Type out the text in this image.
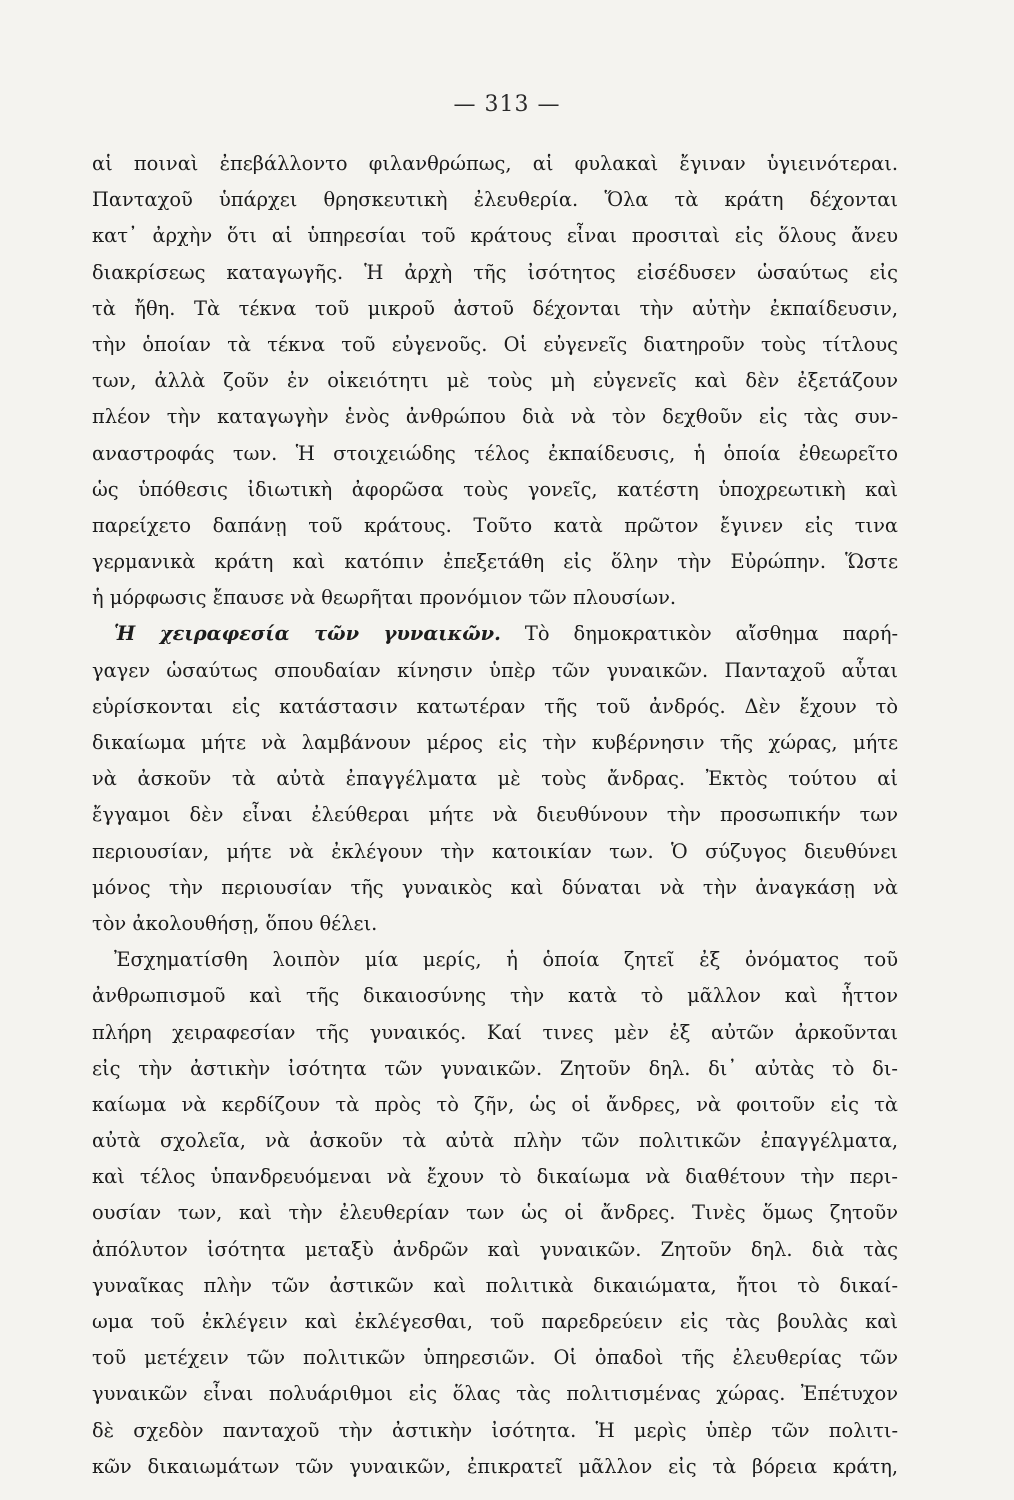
— 313 —
αἱ ποιναὶ ἐπεβάλλοντο φιλανθρώπως, αἱ φυλακαὶ ἔγιναν ὑγιεινότεραι.
Πανταχοῦ ὑπάρχει θρησκευτικὴ ἐλευθερία. Ὅλα τὰ κράτη δέχονται
κατ᾽ ἀρχὴν ὅτι αἱ ὑπηρεσίαι τοῦ κράτους εἶναι προσιταὶ εἰς ὅλους ἄνευ
διακρίσεως καταγωγῆς. Ἡ ἀρχὴ τῆς ἰσότητος εἰσέδυσεν ὡσαύτως εἰς
τὰ ἤθη. Τὰ τέκνα τοῦ μικροῦ ἀστοῦ δέχονται τὴν αὐτὴν ἐκπαίδευσιν,
τὴν ὁποίαν τὰ τέκνα τοῦ εὐγενοῦς. Οἱ εὐγενεῖς διατηροῦν τοὺς τίτλους
των, ἀλλὰ ζοῦν ἐν οἰκειότητι μὲ τοὺς μὴ εὐγενεῖς καὶ δὲν ἐξετάζουν
πλέον τὴν καταγωγὴν ἑνὸς ἀνθρώπου διὰ νὰ τὸν δεχθοῦν εἰς τὰς συν-
αναστροφάς των. Ἡ στοιχειώδης τέλος ἐκπαίδευσις, ἡ ὁποία ἐθεωρεῖτο
ὡς ὑπόθεσις ἰδιωτικὴ ἀφορῶσα τοὺς γονεῖς, κατέστη ὑποχρεωτικὴ καὶ
παρείχετο δαπάνῃ τοῦ κράτους. Τοῦτο κατὰ πρῶτον ἔγινεν εἰς τινα
γερμανικὰ κράτη καὶ κατόπιν ἐπεξετάθη εἰς ὅλην τὴν Εὐρώπην. Ὥστε
ἡ μόρφωσις ἔπαυσε νὰ θεωρῆται προνόμιον τῶν πλουσίων.
Ἡ χειραφεσία τῶν γυναικῶν. Τὸ δημοκρατικὸν αἴσθημα παρή-
γαγεν ὡσαύτως σπουδαίαν κίνησιν ὑπὲρ τῶν γυναικῶν. Πανταχοῦ αὗται
εὑρίσκονται εἰς κατάστασιν κατωτέραν τῆς τοῦ ἀνδρός. Δὲν ἔχουν τὸ
δικαίωμα μήτε νὰ λαμβάνουν μέρος εἰς τὴν κυβέρνησιν τῆς χώρας, μήτε
νὰ ἀσκοῦν τὰ αὐτὰ ἐπαγγέλματα μὲ τοὺς ἄνδρας. Ἐκτὸς τούτου αἱ
ἔγγαμοι δὲν εἶναι ἐλεύθεραι μήτε νὰ διευθύνουν τὴν προσωπικήν των
περιουσίαν, μήτε νὰ ἐκλέγουν τὴν κατοικίαν των. Ὁ σύζυγος διευθύνει
μόνος τὴν περιουσίαν τῆς γυναικὸς καὶ δύναται νὰ τὴν ἀναγκάσῃ νὰ
τὸν ἀκολουθήσῃ, ὅπου θέλει.
Ἐσχηματίσθη λοιπὸν μία μερίς, ἡ ὁποία ζητεῖ ἐξ ὀνόματος τοῦ
ἀνθρωπισμοῦ καὶ τῆς δικαιοσύνης τὴν κατὰ τὸ μᾶλλον καὶ ἧττον
πλήρη χειραφεσίαν τῆς γυναικός. Καί τινες μὲν ἐξ αὐτῶν ἀρκοῦνται
εἰς τὴν ἀστικὴν ἰσότητα τῶν γυναικῶν. Ζητοῦν δηλ. δι᾽ αὐτὰς τὸ δι-
καίωμα νὰ κερδίζουν τὰ πρὸς τὸ ζῆν, ὡς οἱ ἄνδρες, νὰ φοιτοῦν εἰς τὰ
αὐτὰ σχολεῖα, νὰ ἀσκοῦν τὰ αὐτὰ πλὴν τῶν πολιτικῶν ἐπαγγέλματα,
καὶ τέλος ὑπανδρευόμεναι νὰ ἔχουν τὸ δικαίωμα νὰ διαθέτουν τὴν περι-
ουσίαν των, καὶ τὴν ἐλευθερίαν των ὡς οἱ ἄνδρες. Τινὲς ὅμως ζητοῦν
ἀπόλυτον ἰσότητα μεταξὺ ἀνδρῶν καὶ γυναικῶν. Ζητοῦν δηλ. διὰ τὰς
γυναῖκας πλὴν τῶν ἀστικῶν καὶ πολιτικὰ δικαιώματα, ἤτοι τὸ δικαί-
ωμα τοῦ ἐκλέγειν καὶ ἐκλέγεσθαι, τοῦ παρεδρεύειν εἰς τὰς βουλὰς καὶ
τοῦ μετέχειν τῶν πολιτικῶν ὑπηρεσιῶν. Οἱ ὀπαδοὶ τῆς ἐλευθερίας τῶν
γυναικῶν εἶναι πολυάριθμοι εἰς ὅλας τὰς πολιτισμένας χώρας. Ἐπέτυχον
δὲ σχεδὸν πανταχοῦ τὴν ἀστικὴν ἰσότητα. Ἡ μερὶς ὑπὲρ τῶν πολιτι-
κῶν δικαιωμάτων τῶν γυναικῶν, ἐπικρατεῖ μᾶλλον εἰς τὰ βόρεια κράτη,
